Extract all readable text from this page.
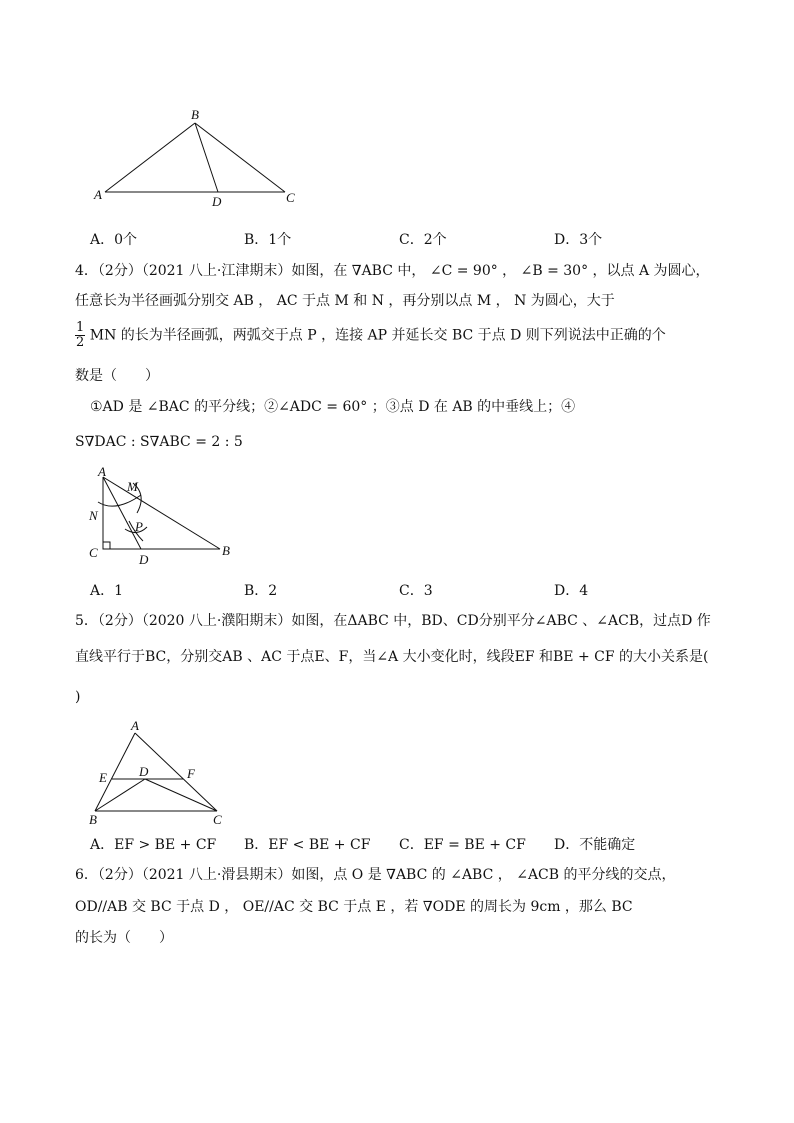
B
A	D	C
A．0个	B．1个	C．2个	D．3个
4．（2分）（2021 八上·江津期末）如图，在 ∇ABC 中， ∠C = 90° ， ∠B = 30° ，以点 A 为圆心，
任意长为半径画弧分别交 AB ， AC 于点 M 和 N ，再分别以点 M ， N 为圆心，大于
$\frac{1}{2}$ MN 的长为半径画弧，两弧交于点 P ，连接 AP 并延长交 BC 于点 D 则下列说法中正确的个
数是（　　）
①AD 是 ∠BAC 的平分线；②∠ADC = 60° ；③点 D 在 AB 的中垂线上；④
S∇DAC : S∇ABC = 2 : 5
A
M
N
P
C	D
B
A．1	B．2	C．3	D．4
5．（2分）（2020 八上·濮阳期末）如图，在ΔABC 中，BD、CD分别平分∠ABC 、∠ACB，过点D 作
直线平行于BC，分别交AB 、AC 于点E、F，当∠A 大小变化时，线段EF 和BE + CF 的大小关系是(
)
A
E D	F
B	C
A．EF > BE + CF B．EF < BE + CF C．EF = BE + CF D．不能确定
6．（2分）（2021 八上·滑县期末）如图，点 O 是 ∇ABC 的 ∠ABC ， ∠ACB 的平分线的交点，
OD//AB 交 BC 于点 D ， OE//AC 交 BC 于点 E ，若 ∇ODE 的周长为 9cm ，那么 BC
的长为（　　）
